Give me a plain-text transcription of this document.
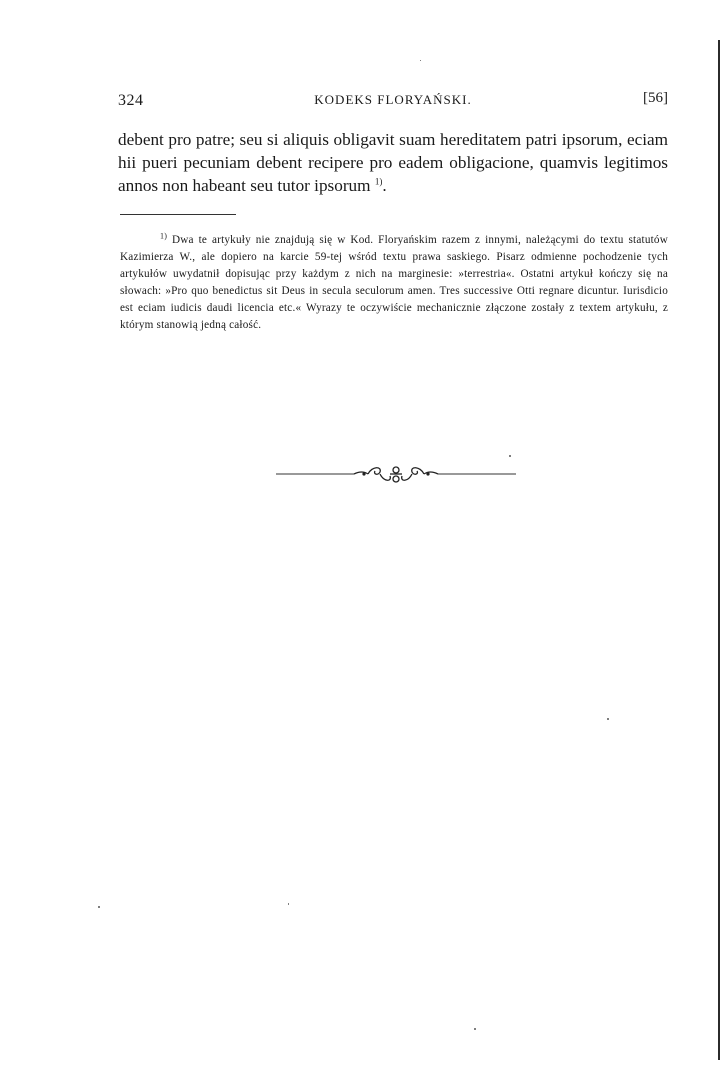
324	KODEKS FLORYAŃSKI.	[56]

debent pro patre; seu si aliquis obligavit suam hereditatem patri ipsorum, eciam hii pueri pecuniam debent recipere pro eadem obligacione, quamvis legitimos annos non habeant seu tutor ipsorum $^{1)}$.

$^{1)}$ Dwa te artykuły nie znajdują się w Kod. Floryańskim razem z innymi, należącymi do textu statutów Kazimierza W., ale dopiero na karcie 59-tej wśród textu prawa saskiego. Pisarz odmienne pochodzenie tych artykułów uwydatnił dopisując przy każdym z nich na marginesie: »terrestria«. Ostatni artykuł kończy się na słowach: »Pro quo benedictus sit Deus in secula seculorum amen. Tres successive Otti regnare dicuntur. Iurisdicio est eciam iudicis daudi licencia etc.« Wyrazy te oczywiście mechanicznie złączone zostały z textem artykułu, z którym stanowią jedną całość.
